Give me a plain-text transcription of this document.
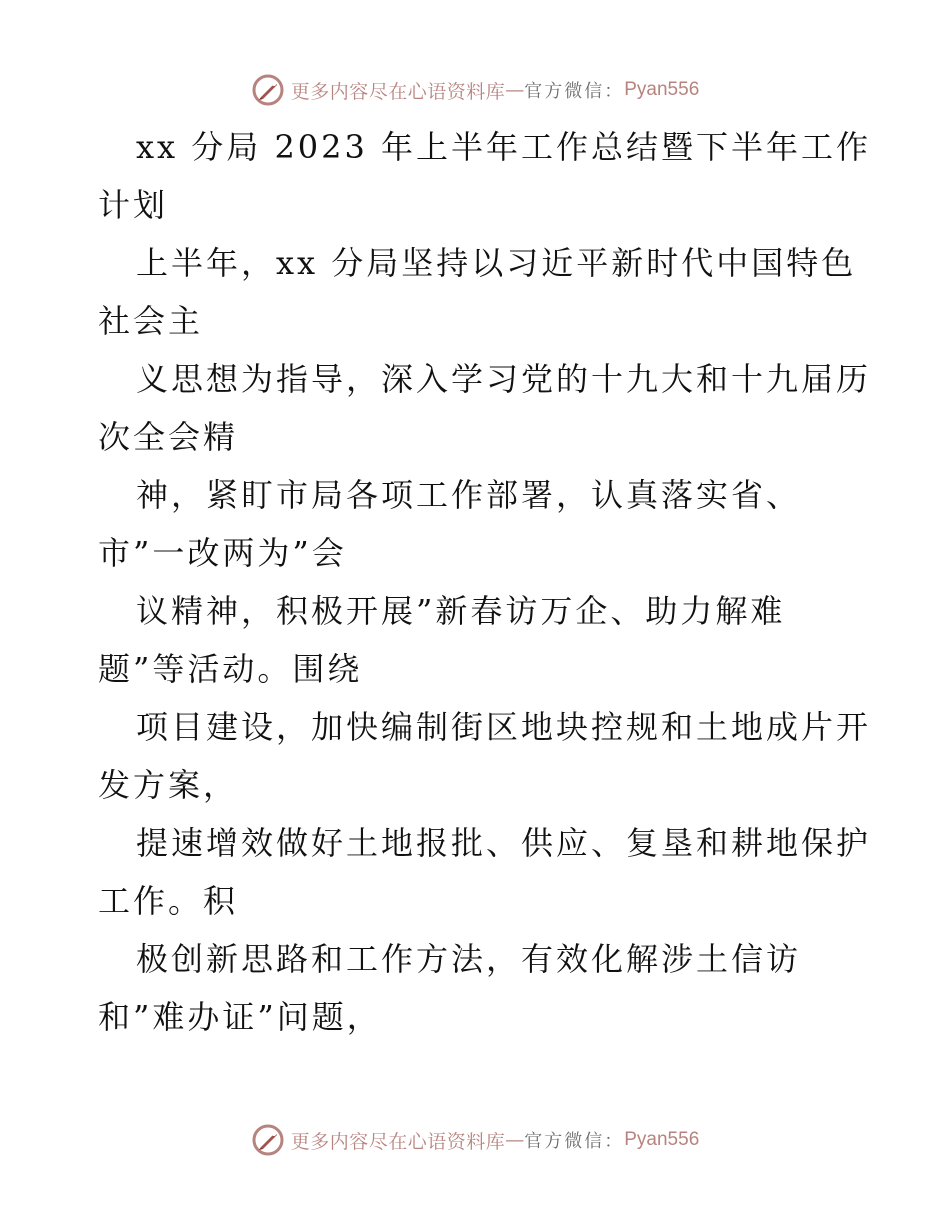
更多内容尽在心语资料库 — 官方微信： Pyan556
xx 分局 2023 年上半年工作总结暨下半年工作
计划
上半年，xx 分局坚持以习近平新时代中国特色
社会主
义思想为指导，深入学习党的十九大和十九届历
次全会精
神，紧盯市局各项工作部署，认真落实省、
市”一改两为”会
议精神，积极开展”新春访万企、助力解难
题”等活动。围绕
项目建设，加快编制街区地块控规和土地成片开
发方案，
提速增效做好土地报批、供应、复垦和耕地保护
工作。积
极创新思路和工作方法，有效化解涉土信访
和”难办证”问题，
更多内容尽在心语资料库 — 官方微信： Pyan556
